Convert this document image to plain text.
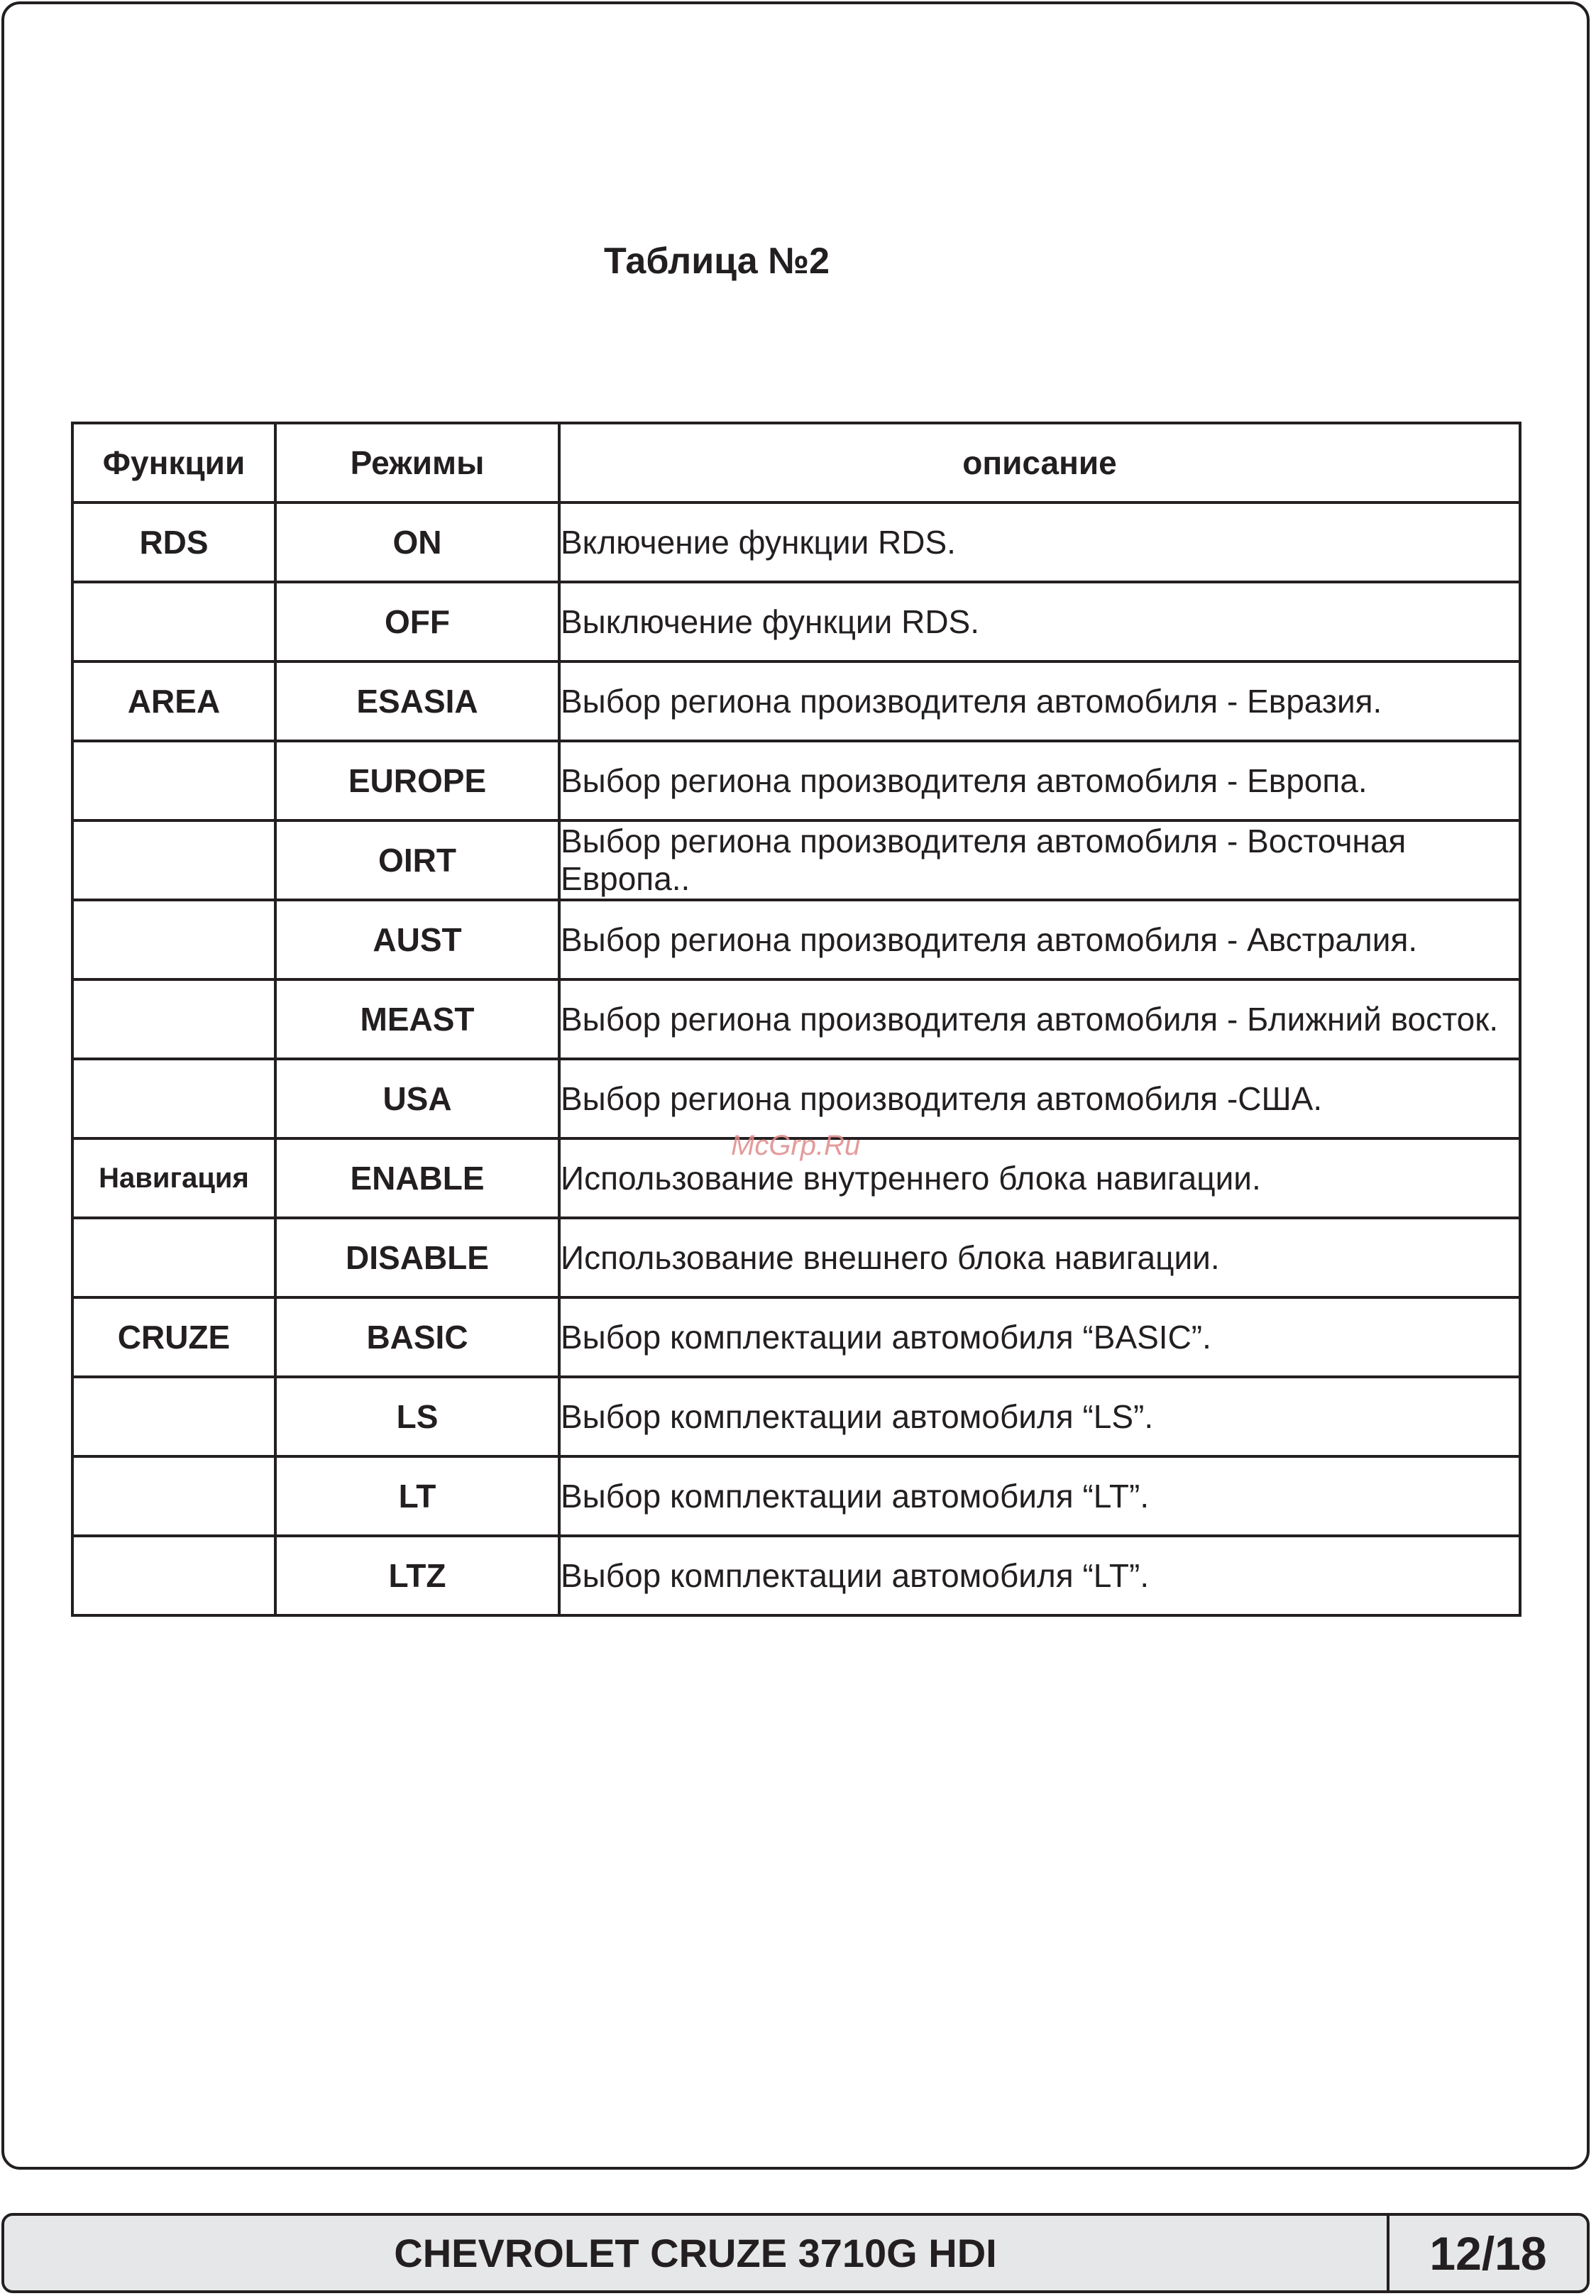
Таблица №2
Функции	Режимы	описание
RDS	ON	Включение функции RDS.
	OFF	Выключение функции RDS.
AREA	ESASIA	Выбор региона производителя автомобиля - Евразия.
	EUROPE	Выбор региона производителя автомобиля - Европа.
	OIRT	Выбор региона производителя автомобиля - Восточная Европа..
	AUST	Выбор региона производителя автомобиля - Австралия.
	MEAST	Выбор региона производителя автомобиля - Ближний восток.
	USA	Выбор региона производителя автомобиля -США.
Навигация	ENABLE	Использование внутреннего блока навигации.
	DISABLE	Использование внешнего блока навигации.
CRUZE	BASIC	Выбор комплектации автомобиля “BASIC”.
	LS	Выбор комплектации автомобиля “LS”.
	LT	Выбор комплектации автомобиля “LT”.
	LTZ	Выбор комплектации автомобиля “LT”.
McGrp.Ru
CHEVROLET CRUZE 3710G HDI	12/18
